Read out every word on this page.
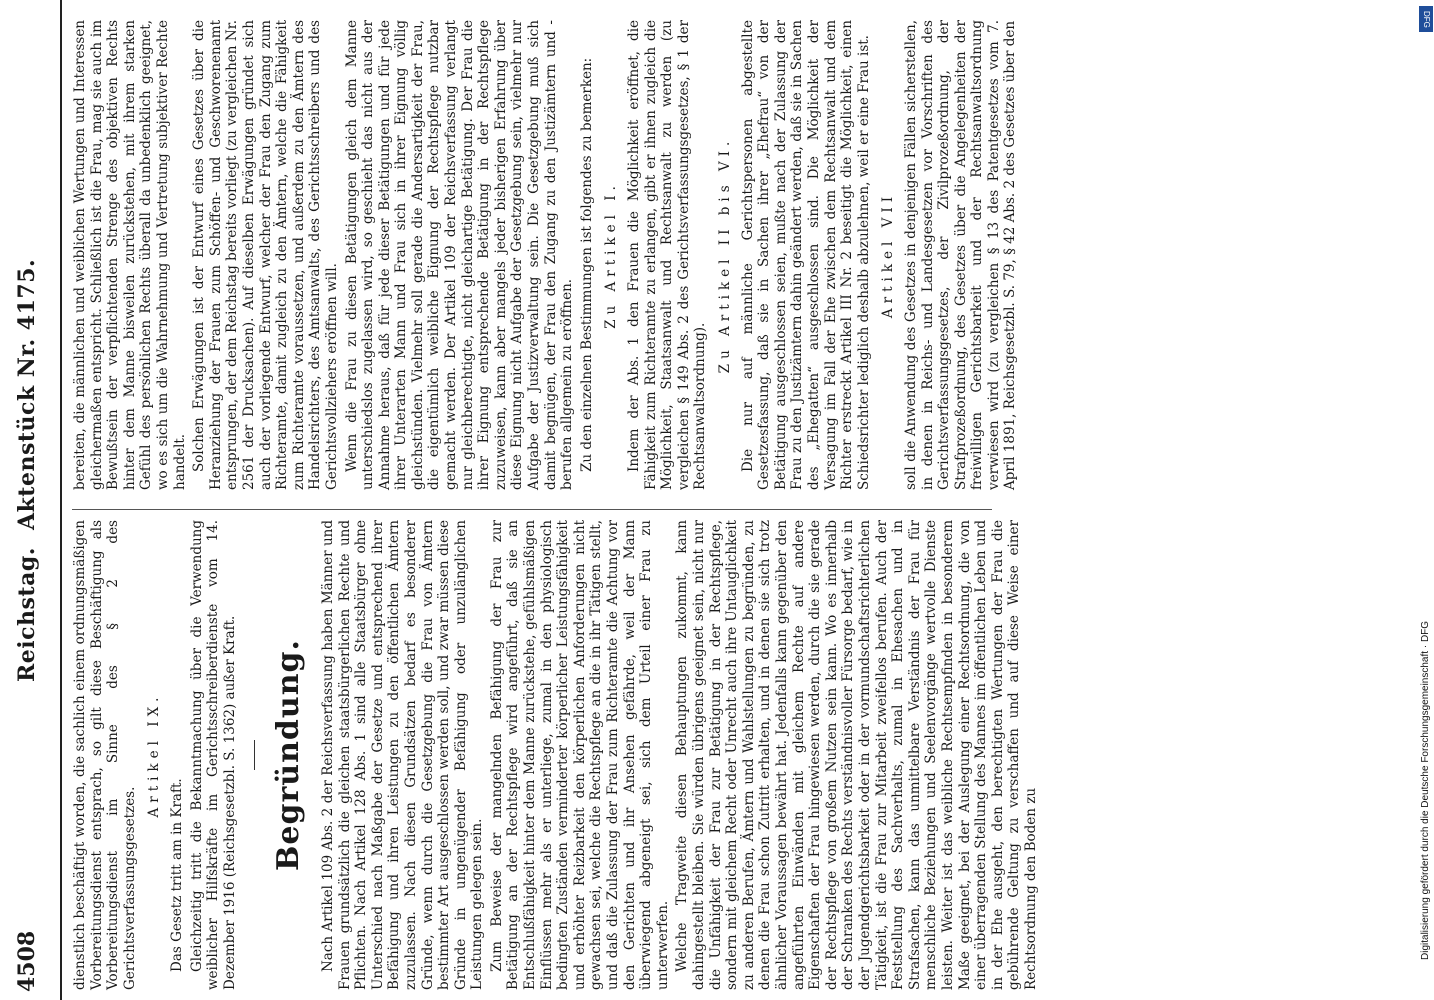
4508
Reichstag.
Aktenstück Nr. 4175.

dienstlich beschäftigt worden, die sachlich einem ordnungsmäßigen Vorbereitungsdienst entsprach, so gilt diese Beschäftigung als Vorbereitungsdienst im Sinne des § 2 des Gerichtsverfassungsgesetzes.

Artikel IX.

Das Gesetz tritt am in Kraft. Gleichzeitig tritt die Bekanntmachung über die Verwendung weiblicher Hilfskräfte im Gerichtsschreiberdienste vom 14. Dezember 1916 (Reichsgesetzbl. S. 1362) außer Kraft. Begründung. Nach Artikel 109 Abs. 2 der Reichsverfassung haben Männer und Frauen grundsätzlich die gleichen staatsbürgerlichen Rechte und Pflichten. Nach Artikel 128 Abs. 1 sind alle Staatsbürger ohne Unterschied nach Maßgabe der Gesetze und entsprechend ihrer Befähigung und ihren Leistungen zu den öffentlichen Ämtern zuzulassen. Nach diesen Grundsätzen bedarf es besonderer Gründe, wenn durch die Gesetzgebung die Frau von Ämtern bestimmter Art ausgeschlossen werden soll, und zwar müssen diese Gründe in ungenügender Befähigung oder unzulänglichen Leistungen gelegen sein. Zum Beweise der mangelnden Befähigung der Frau zur Betätigung an der Rechtspflege wird angeführt, daß sie an Entschlußfähigkeit hinter dem Manne zurückstehe, gefühlsmäßigen Einflüssen mehr als er unterliege, zumal in den physiologisch bedingten Zuständen verminderter körperlicher Leistungsfähigkeit und erhöhter Reizbarkeit den körperlichen Anforderungen nicht gewachsen sei, welche die Rechtspflege an die in ihr Tätigen stellt, und daß die Zulassung der Frau zum Richteramte die Achtung vor den Gerichten und ihr Ansehen gefährde, weil der Mann überwiegend abgeneigt sei, sich dem Urteil einer Frau zu unterwerfen. Welche Tragweite diesen Behauptungen zukommt, kann dahingestellt bleiben. Sie würden übrigens geeignet sein, nicht nur die Unfähigkeit der Frau zur Betätigung in der Rechtspflege, sondern mit gleichem Recht oder Unrecht auch ihre Untauglichkeit zu anderen Berufen, Ämtern und Wahlstellungen zu begründen, zu denen die Frau schon Zutritt erhalten, und in denen sie sich trotz ähnlicher Voraussagen bewährt hat. Jedenfalls kann gegenüber den angeführten Einwänden mit gleichem Rechte auf andere Eigenschaften der Frau hingewiesen werden, durch die sie gerade der Rechtspflege von großem Nutzen sein kann. Wo es innerhalb der Schranken des Rechts verständnisvoller Fürsorge bedarf, wie in der Jugendgerichtsbarkeit oder in der vormundschaftsrichterlichen Tätigkeit, ist die Frau zur Mitarbeit zweifellos berufen. Auch der Feststellung des Sachverhalts, zumal in Ehesachen und in Strafsachen, kann das unmittelbare Verständnis der Frau für menschliche Beziehungen und Seelenvorgänge wertvolle Dienste leisten. Weiter ist das weibliche Rechtsempfinden in besonderem Maße geeignet, bei der Auslegung einer Rechtsordnung, die von einer überragenden Stellung des Mannes im öffentlichen Leben und in der Ehe ausgeht, den berechtigten Wertungen der Frau die gebührende Geltung zu verschaffen und auf diese Weise einer Rechtsordnung den Boden zu

bereiten, die männlichen und weiblichen Wertungen und Interessen gleichermaßen entspricht. Schließlich ist die Frau, mag sie auch im Bewußtsein der verpflichtenden Strenge des objektiven Rechts hinter dem Manne bisweilen zurückstehen, mit ihrem starken Gefühl des persönlichen Rechts überall da unbedenklich geeignet, wo es sich um die Wahrnehmung und Vertretung subjektiver Rechte handelt. Solchen Erwägungen ist der Entwurf eines Gesetzes über die Heranziehung der Frauen zum Schöffen- und Geschworenenamt entsprungen, der dem Reichstag bereits vorliegt (zu vergleichen Nr. 2561 der Drucksachen). Auf dieselben Erwägungen gründet sich auch der vorliegende Entwurf, welcher der Frau den Zugang zum Richteramte, damit zugleich zu den Ämtern, welche die Fähigkeit zum Richteramte voraussetzen, und außerdem zu den Ämtern des Handelsrichters, des Amtsanwalts, des Gerichtsschreibers und des Gerichtsvollziehers eröffnen will. Wenn die Frau zu diesen Betätigungen gleich dem Manne unterschiedslos zugelassen wird, so geschieht das nicht aus der Annahme heraus, daß für jede dieser Betätigungen und für jede ihrer Unterarten Mann und Frau sich in ihrer Eignung völlig gleichstünden. Vielmehr soll gerade die Andersartigkeit der Frau, die eigentümlich weibliche Eignung der Rechtspflege nutzbar gemacht werden. Der Artikel 109 der Reichsverfassung verlangt nur gleichberechtigte, nicht gleichartige Betätigung. Der Frau die ihrer Eignung entsprechende Betätigung in der Rechtspflege zuzuweisen, kann aber mangels jeder bisherigen Erfahrung über diese Eignung nicht Aufgabe der Gesetzgebung sein, vielmehr nur Aufgabe der Justizverwaltung sein. Die Gesetzgebung muß sich damit begnügen, der Frau den Zugang zu den Justizämtern und -berufen allgemein zu eröffnen. Zu den einzelnen Bestimmungen ist folgendes zu bemerken: Zu Artikel I. Indem der Abs. 1 den Frauen die Möglichkeit eröffnet, die Fähigkeit zum Richteramte zu erlangen, gibt er ihnen zugleich die Möglichkeit, Staatsanwalt und Rechtsanwalt zu werden (zu vergleichen § 149 Abs. 2 des Gerichtsverfassungsgesetzes, § 1 der Rechtsanwaltsordnung).

Zu Artikel II bis VI. Die nur auf männliche Gerichtspersonen abgestellte Gesetzesfassung, daß sie in Sachen ihrer „Ehefrau“ von der Betätigung ausgeschlossen seien, mußte nach der Zulassung der Frau zu den Justizämtern dahin geändert werden, daß sie in Sachen des „Ehegatten“ ausgeschlossen sind. Die Möglichkeit der Versagung im Fall der Ehe zwischen dem Rechtsanwalt und dem Richter erstreckt Artikel III Nr. 2 beseitigt die Möglichkeit, einen Schiedsrichter lediglich deshalb abzulehnen, weil er eine Frau ist. Artikel VII soll die Anwendung des Gesetzes in denjenigen Fällen sicherstellen, in denen in Reichs- und Landesgesetzen vor Vorschriften des Gerichtsverfassungsgesetzes, der Zivilprozeßordnung, der Strafprozeßordnung, des Gesetzes über die Angelegenheiten der freiwilligen Gerichtsbarkeit und der Rechtsanwaltsordnung verwiesen wird (zu vergleichen § 13 des Patentgesetzes vom 7. April 1891, Reichsgesetzbl. S. 79, § 42 Abs. 2 des Gesetzes über den

Digitalisierung gefördert durch die Deutsche Forschungsgemeinschaft · DFG
DFG
